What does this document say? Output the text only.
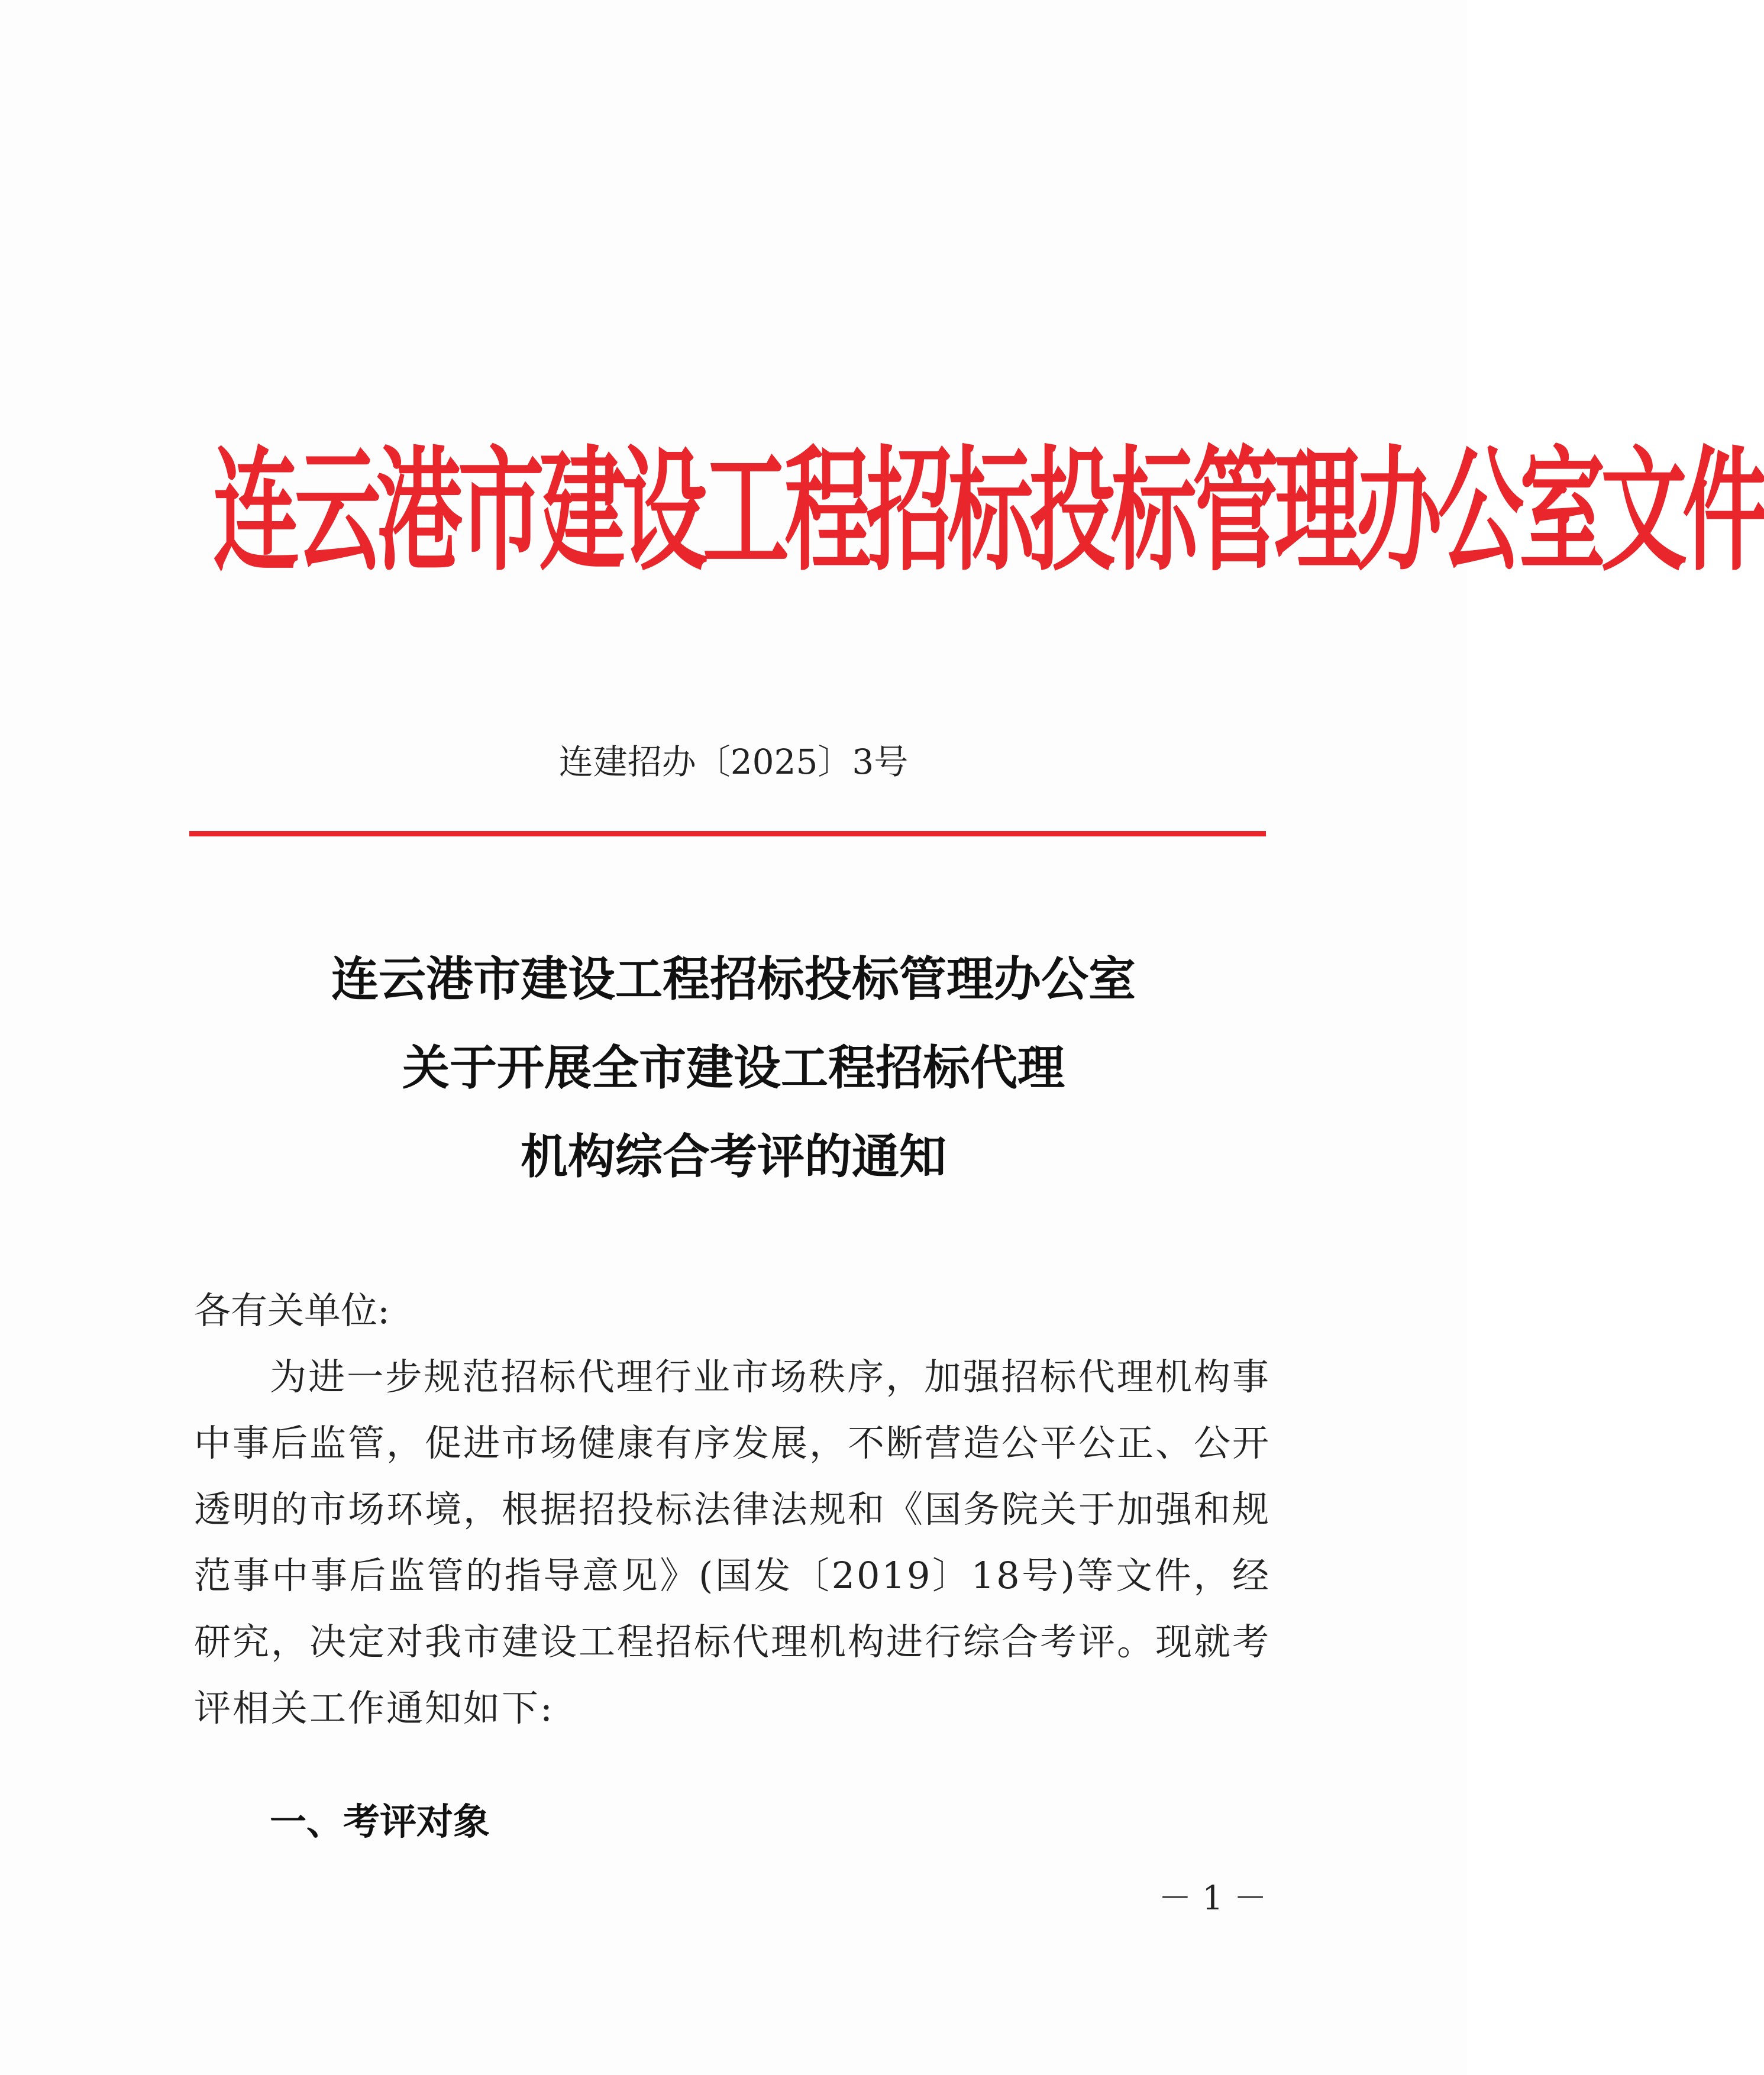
连云港市建设工程招标投标管理办公室文件
连建招办〔2025〕3号
连云港市建设工程招标投标管理办公室
关于开展全市建设工程招标代理
机构综合考评的通知
各有关单位:
为进一步规范招标代理行业市场秩序，加强招标代理机构事中事后监管，促进市场健康有序发展，不断营造公平公正、公开透明的市场环境，根据招投标法律法规和《国务院关于加强和规范事中事后监管的指导意见》(国发〔2019〕18号)等文件，经研究，决定对我市建设工程招标代理机构进行综合考评。现就考评相关工作通知如下:
一、考评对象
－ 1 －
